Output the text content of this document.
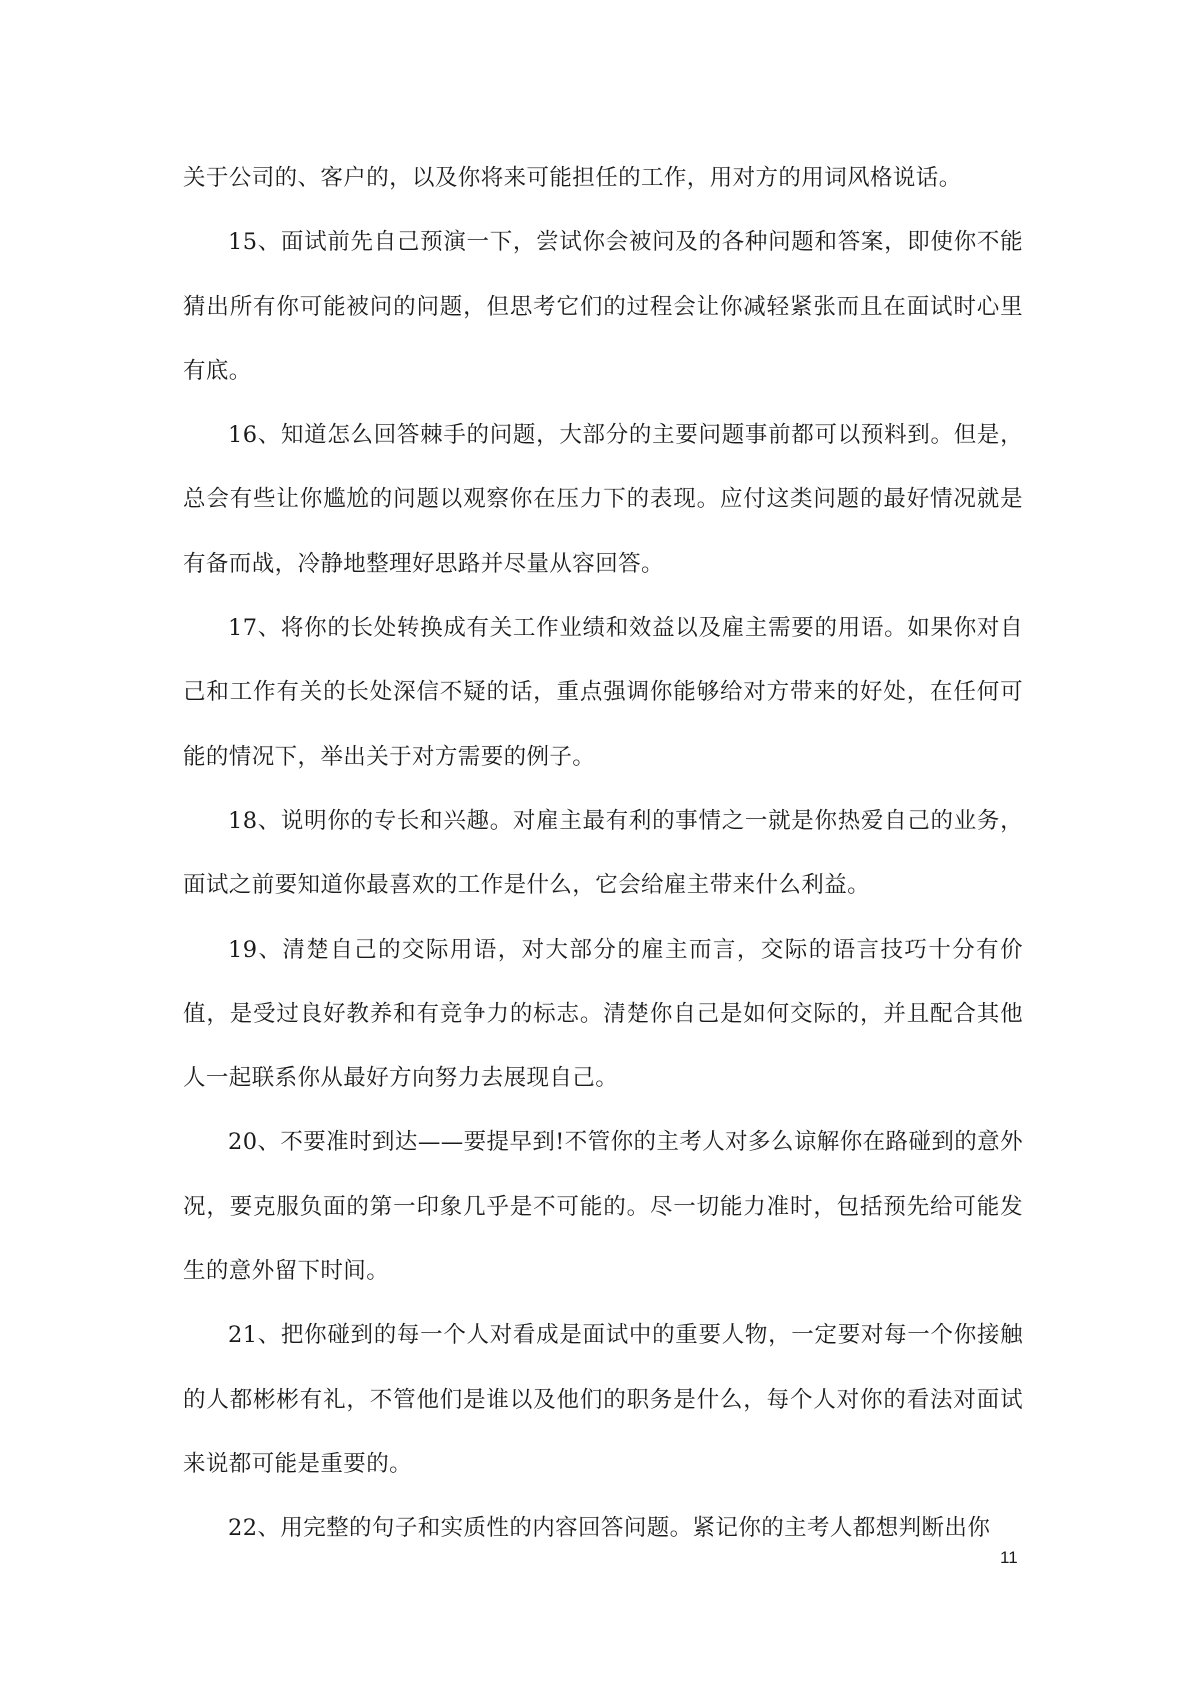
关于公司的、客户的，以及你将来可能担任的工作，用对方的用词风格说话。

15、面试前先自己预演一下，尝试你会被问及的各种问题和答案，即使你不能猜出所有你可能被问的问题，但思考它们的过程会让你减轻紧张而且在面试时心里有底。

16、知道怎么回答棘手的问题，大部分的主要问题事前都可以预料到。但是，总会有些让你尴尬的问题以观察你在压力下的表现。应付这类问题的最好情况就是有备而战，冷静地整理好思路并尽量从容回答。

17、将你的长处转换成有关工作业绩和效益以及雇主需要的用语。如果你对自己和工作有关的长处深信不疑的话，重点强调你能够给对方带来的好处，在任何可能的情况下，举出关于对方需要的例子。

18、说明你的专长和兴趣。对雇主最有利的事情之一就是你热爱自己的业务，面试之前要知道你最喜欢的工作是什么，它会给雇主带来什么利益。

19、清楚自己的交际用语，对大部分的雇主而言，交际的语言技巧十分有价值，是受过良好教养和有竞争力的标志。清楚你自己是如何交际的，并且配合其他人一起联系你从最好方向努力去展现自己。

20、不要准时到达——要提早到!不管你的主考人对多么谅解你在路碰到的意外况，要克服负面的第一印象几乎是不可能的。尽一切能力准时，包括预先给可能发生的意外留下时间。

21、把你碰到的每一个人对看成是面试中的重要人物，一定要对每一个你接触的人都彬彬有礼，不管他们是谁以及他们的职务是什么，每个人对你的看法对面试来说都可能是重要的。

22、用完整的句子和实质性的内容回答问题。紧记你的主考人都想判断出你

11
